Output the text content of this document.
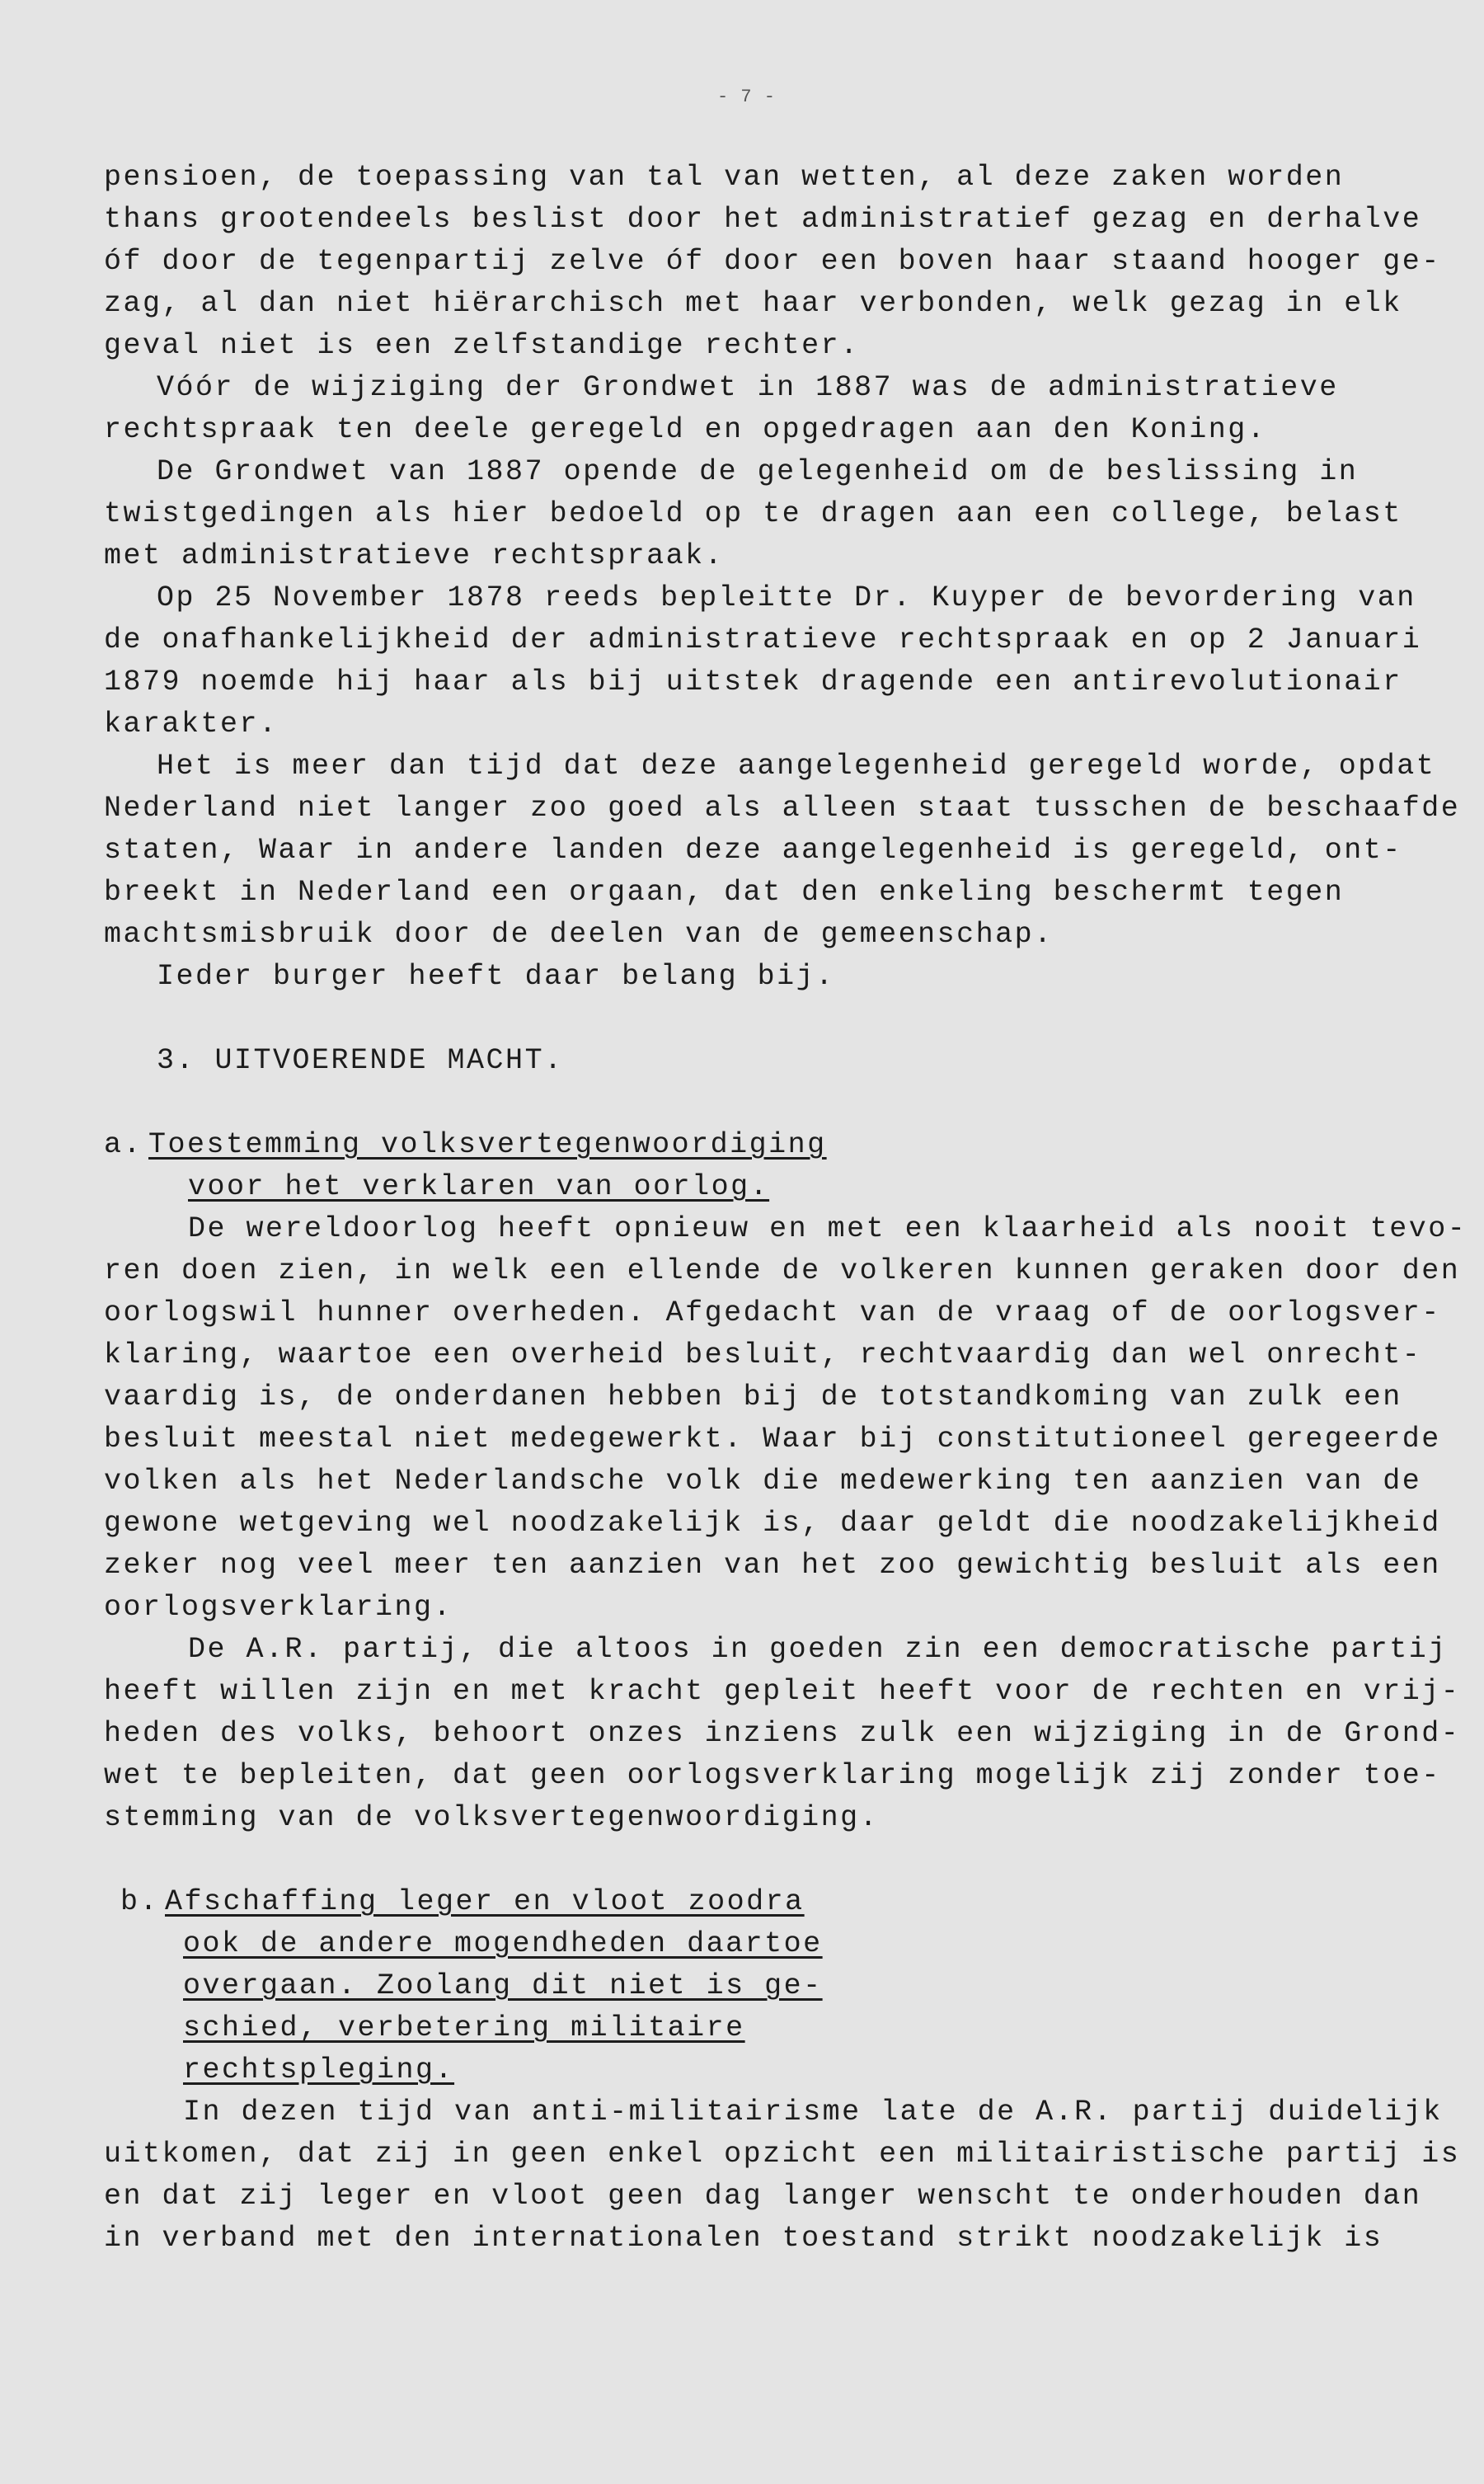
- 7 -
pensioen, de toepassing van tal van wetten, al deze zaken worden
thans grootendeels beslist door het administratief gezag en derhalve
óf door de tegenpartij zelve óf door een boven haar staand hooger ge-
zag, al dan niet hiërarchisch met haar verbonden, welk gezag in elk
geval niet is een zelfstandige rechter.
Vóór de wijziging der Grondwet in 1887 was de administratieve
rechtspraak ten deele geregeld en opgedragen aan den Koning.
De Grondwet van 1887 opende de gelegenheid om de beslissing in
twistgedingen als hier bedoeld op te dragen aan een college, belast
met administratieve rechtspraak.
Op 25 November 1878 reeds bepleitte Dr. Kuyper de bevordering van
de onafhankelijkheid der administratieve rechtspraak en op 2 Januari
1879 noemde hij haar als bij uitstek dragende een antirevolutionair
karakter.
Het is meer dan tijd dat deze aangelegenheid geregeld worde, opdat
Nederland niet langer zoo goed als alleen staat tusschen de beschaafde
staten, Waar in andere landen deze aangelegenheid is geregeld, ont-
breekt in Nederland een orgaan, dat den enkeling beschermt tegen
machtsmisbruik door de deelen van de gemeenschap.
Ieder burger heeft daar belang bij.
3. UITVOERENDE MACHT.
a. Toestemming volksvertegenwoordiging
voor het verklaren van oorlog.
De wereldoorlog heeft opnieuw en met een klaarheid als nooit tevo-
ren doen zien, in welk een ellende de volkeren kunnen geraken door den
oorlogswil hunner overheden. Afgedacht van de vraag of de oorlogsver-
klaring, waartoe een overheid besluit, rechtvaardig dan wel onrecht-
vaardig is, de onderdanen hebben bij de totstandkoming van zulk een
besluit meestal niet medegewerkt. Waar bij constitutioneel geregeerde
volken als het Nederlandsche volk die medewerking ten aanzien van de
gewone wetgeving wel noodzakelijk is, daar geldt die noodzakelijkheid
zeker nog veel meer ten aanzien van het zoo gewichtig besluit als een
oorlogsverklaring.
De A.R. partij, die altoos in goeden zin een democratische partij
heeft willen zijn en met kracht gepleit heeft voor de rechten en vrij-
heden des volks, behoort onzes inziens zulk een wijziging in de Grond-
wet te bepleiten, dat geen oorlogsverklaring mogelijk zij zonder toe-
stemming van de volksvertegenwoordiging.
b. Afschaffing leger en vloot zoodra
ook de andere mogendheden daartoe
overgaan. Zoolang dit niet is ge-
schied, verbetering militaire
rechtspleging.
In dezen tijd van anti-militairisme late de A.R. partij duidelijk
uitkomen, dat zij in geen enkel opzicht een militairistische partij is
en dat zij leger en vloot geen dag langer wenscht te onderhouden dan
in verband met den internationalen toestand strikt noodzakelijk is
